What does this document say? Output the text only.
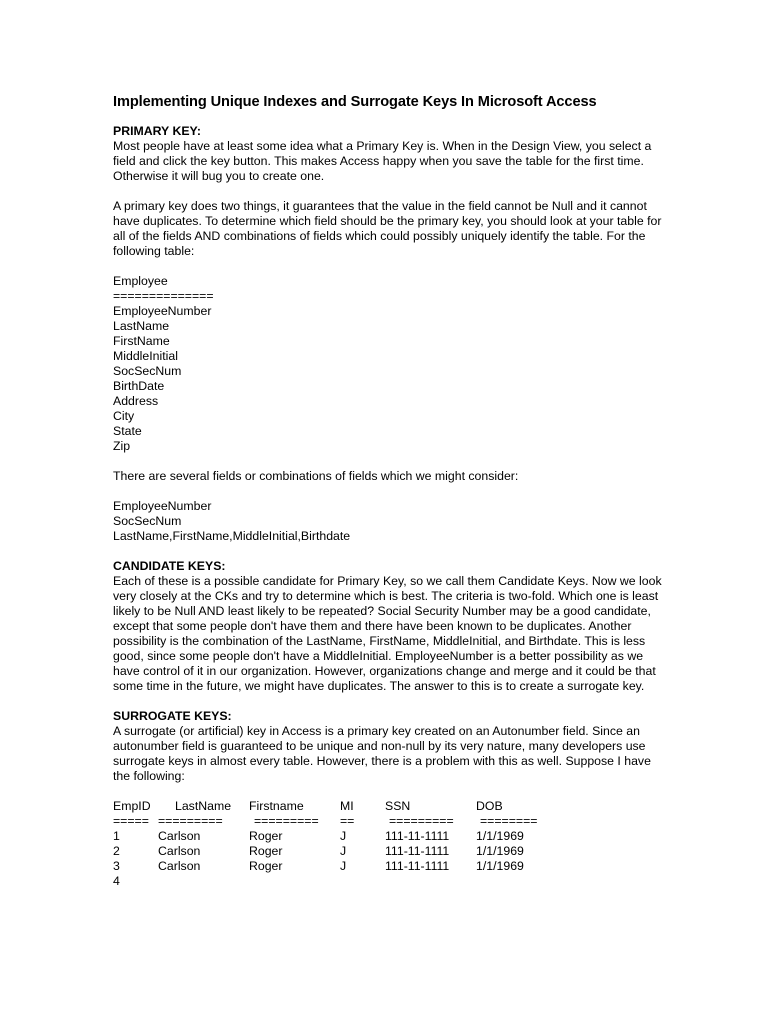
Implementing Unique Indexes and Surrogate Keys In Microsoft Access
PRIMARY KEY:

Most people have at least some idea what a Primary Key is. When in the Design View, you select a field and click the key button. This makes Access happy when you save the table for the first time. Otherwise it will bug you to create one.

A primary key does two things, it guarantees that the value in the field cannot be Null and it cannot have duplicates. To determine which field should be the primary key, you should look at your table for all of the fields AND combinations of fields which could possibly uniquely identify the table. For the following table:

Employee
==============
EmployeeNumber
LastName
FirstName
MiddleInitial
SocSecNum
BirthDate
Address
City
State
Zip

There are several fields or combinations of fields which we might consider:

EmployeeNumber
SocSecNum
LastName,FirstName,MiddleInitial,Birthdate
CANDIDATE KEYS:

Each of these is a possible candidate for Primary Key, so we call them Candidate Keys. Now we look very closely at the CKs and try to determine which is best. The criteria is two-fold. Which one is least likely to be Null AND least likely to be repeated? Social Security Number may be a good candidate, except that some people don't have them and there have been known to be duplicates. Another possibility is the combination of the LastName, FirstName, MiddleInitial, and Birthdate. This is less good, since some people don't have a MiddleInitial. EmployeeNumber is a better possibility as we have control of it in our organization. However, organizations change and merge and it could be that some time in the future, we might have duplicates. The answer to this is to create a surrogate key.

SURROGATE KEYS:

A surrogate (or artificial) key in Access is a primary key created on an Autonumber field. Since an autonumber field is guaranteed to be unique and non-null by its very nature, many developers use surrogate keys in almost every table. However, there is a problem with this as well. Suppose I have the following:

EmpID	LastName	Firstname	MI	SSN	DOB
=====	=========	=========	==	=========	========
1	Carlson	Roger	J	111-11-1111	1/1/1969
2	Carlson	Roger	J	111-11-1111	1/1/1969
3	Carlson	Roger	J	111-11-1111	1/1/1969
4					
